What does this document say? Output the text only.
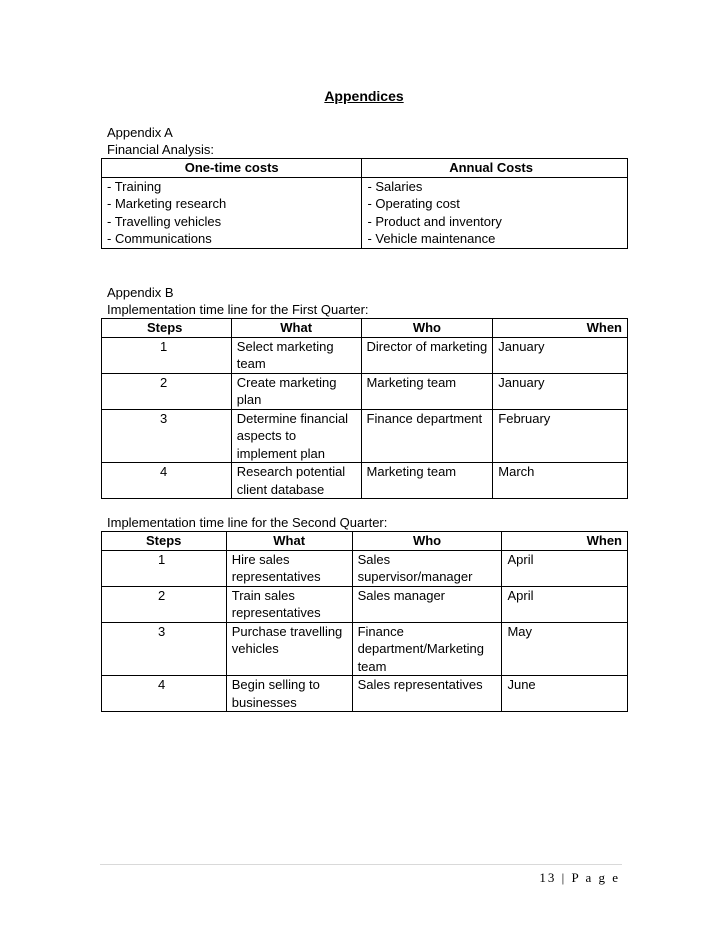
Appendices
Appendix A
Financial Analysis:
One-time costs	Annual Costs
- Training	- Salaries
- Marketing research	- Operating cost
- Travelling vehicles	- Product and inventory
- Communications	- Vehicle maintenance
Appendix B
Implementation time line for the First Quarter:
Steps	What	Who	When
1	Select marketing team	Director of marketing	January
2	Create marketing plan	Marketing team	January
3	Determine financial aspects to implement plan	Finance department	February
4	Research potential client database	Marketing team	March
Implementation time line for the Second Quarter:
Steps	What	Who	When
1	Hire sales representatives	Sales supervisor/manager	April
2	Train sales representatives	Sales manager	April
3	Purchase travelling vehicles	Finance department/Marketing team	May
4	Begin selling to businesses	Sales representatives	June
13 | P a g e
